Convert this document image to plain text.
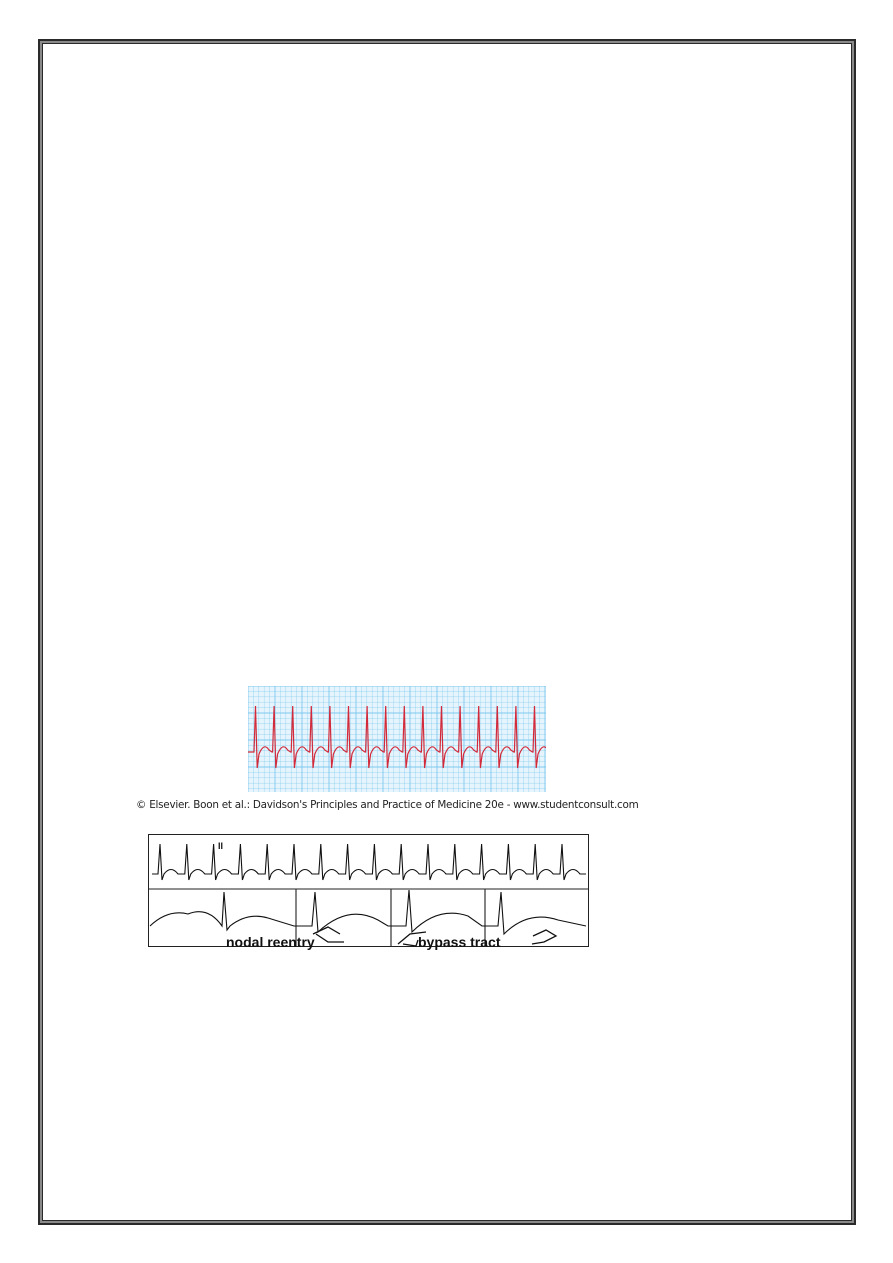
© Elsevier. Boon et al.: Davidson's Principles and Practice of Medicine 20e - www.studentconsult.com
II
nodal reentry	bypass tract
